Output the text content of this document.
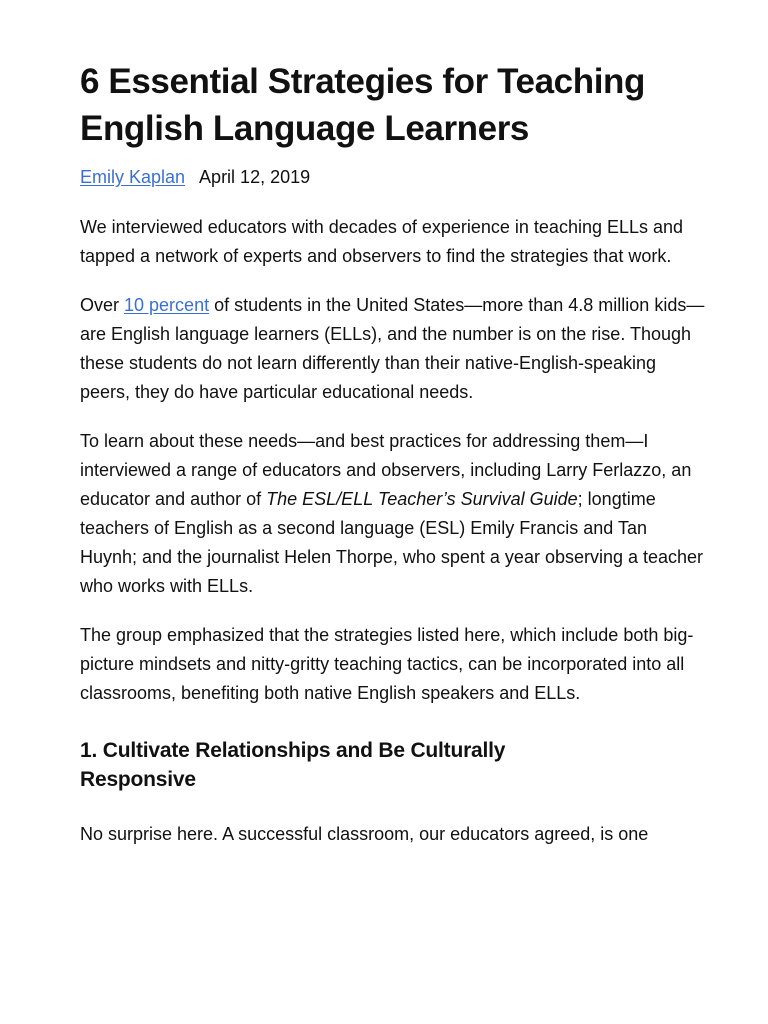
6 Essential Strategies for Teaching English Language Learners
Emily Kaplan April 12, 2019

We interviewed educators with decades of experience in teaching ELLs and tapped a network of experts and observers to find the strategies that work.

Over 10 percent of students in the United States—more than 4.8 million kids—are English language learners (ELLs), and the number is on the rise. Though these students do not learn differently than their native-English-speaking peers, they do have particular educational needs.

To learn about these needs—and best practices for addressing them—I interviewed a range of educators and observers, including Larry Ferlazzo, an educator and author of The ESL/ELL Teacher’s Survival Guide; longtime teachers of English as a second language (ESL) Emily Francis and Tan Huynh; and the journalist Helen Thorpe, who spent a year observing a teacher who works with ELLs.

The group emphasized that the strategies listed here, which include both big-picture mindsets and nitty-gritty teaching tactics, can be incorporated into all classrooms, benefiting both native English speakers and ELLs.

1. Cultivate Relationships and Be Culturally Responsive

No surprise here. A successful classroom, our educators agreed, is one
